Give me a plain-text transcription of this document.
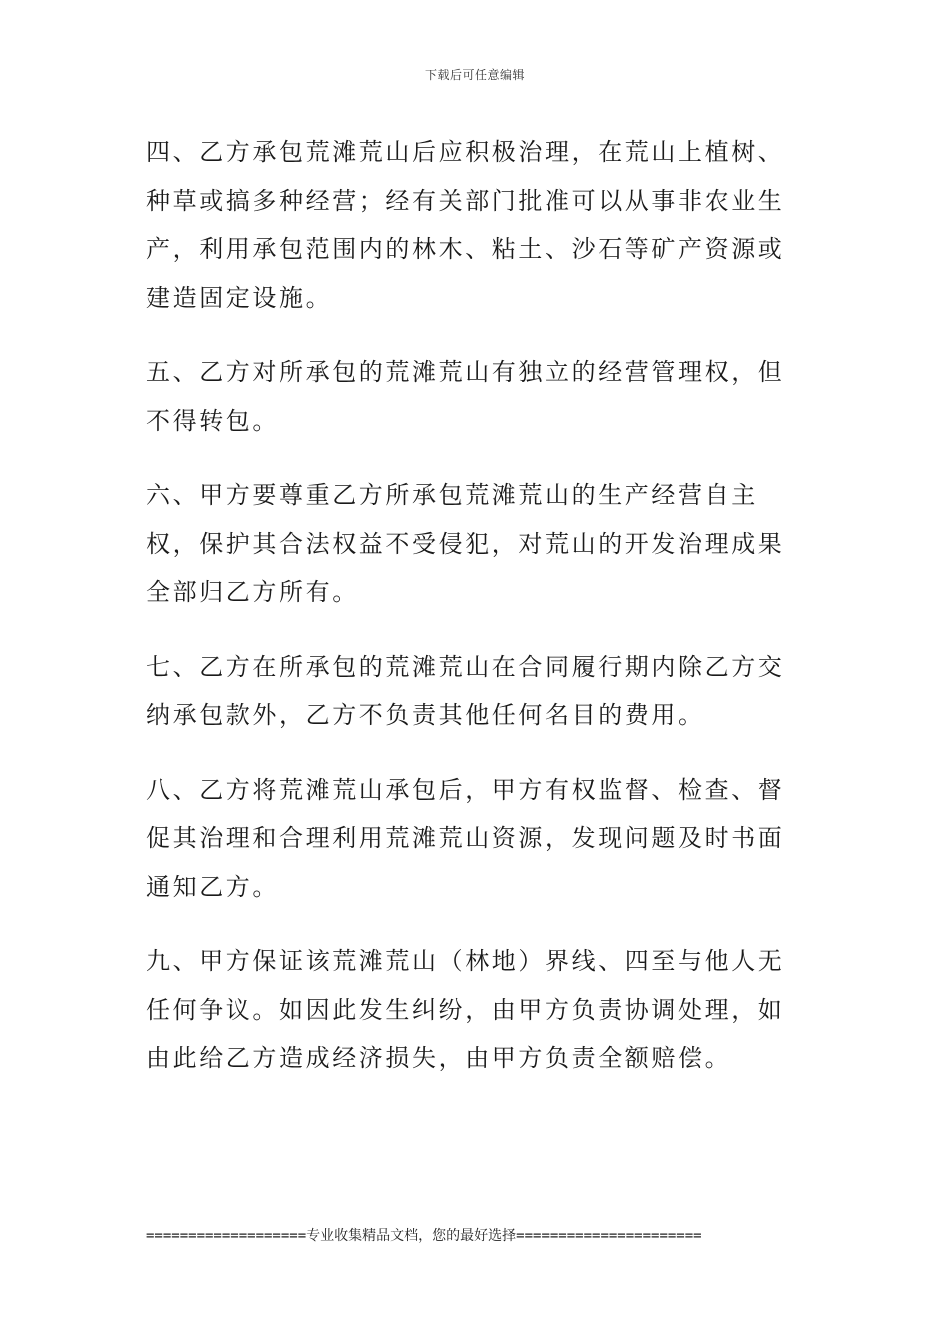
下载后可任意编辑

四、乙方承包荒滩荒山后应积极治理，在荒山上植树、种草或搞多种经营；经有关部门批准可以从事非农业生产，利用承包范围内的林木、粘土、沙石等矿产资源或建造固定设施。

五、乙方对所承包的荒滩荒山有独立的经营管理权，但不得转包。

六、甲方要尊重乙方所承包荒滩荒山的生产经营自主权，保护其合法权益不受侵犯，对荒山的开发治理成果全部归乙方所有。

七、乙方在所承包的荒滩荒山在合同履行期内除乙方交纳承包款外，乙方不负责其他任何名目的费用。

八、乙方将荒滩荒山承包后，甲方有权监督、检查、督促其治理和合理利用荒滩荒山资源，发现问题及时书面通知乙方。

九、甲方保证该荒滩荒山（林地）界线、四至与他人无任何争议。如因此发生纠纷，由甲方负责协调处理，如由此给乙方造成经济损失，由甲方负责全额赔偿。

===================专业收集精品文档，您的最好选择======================
